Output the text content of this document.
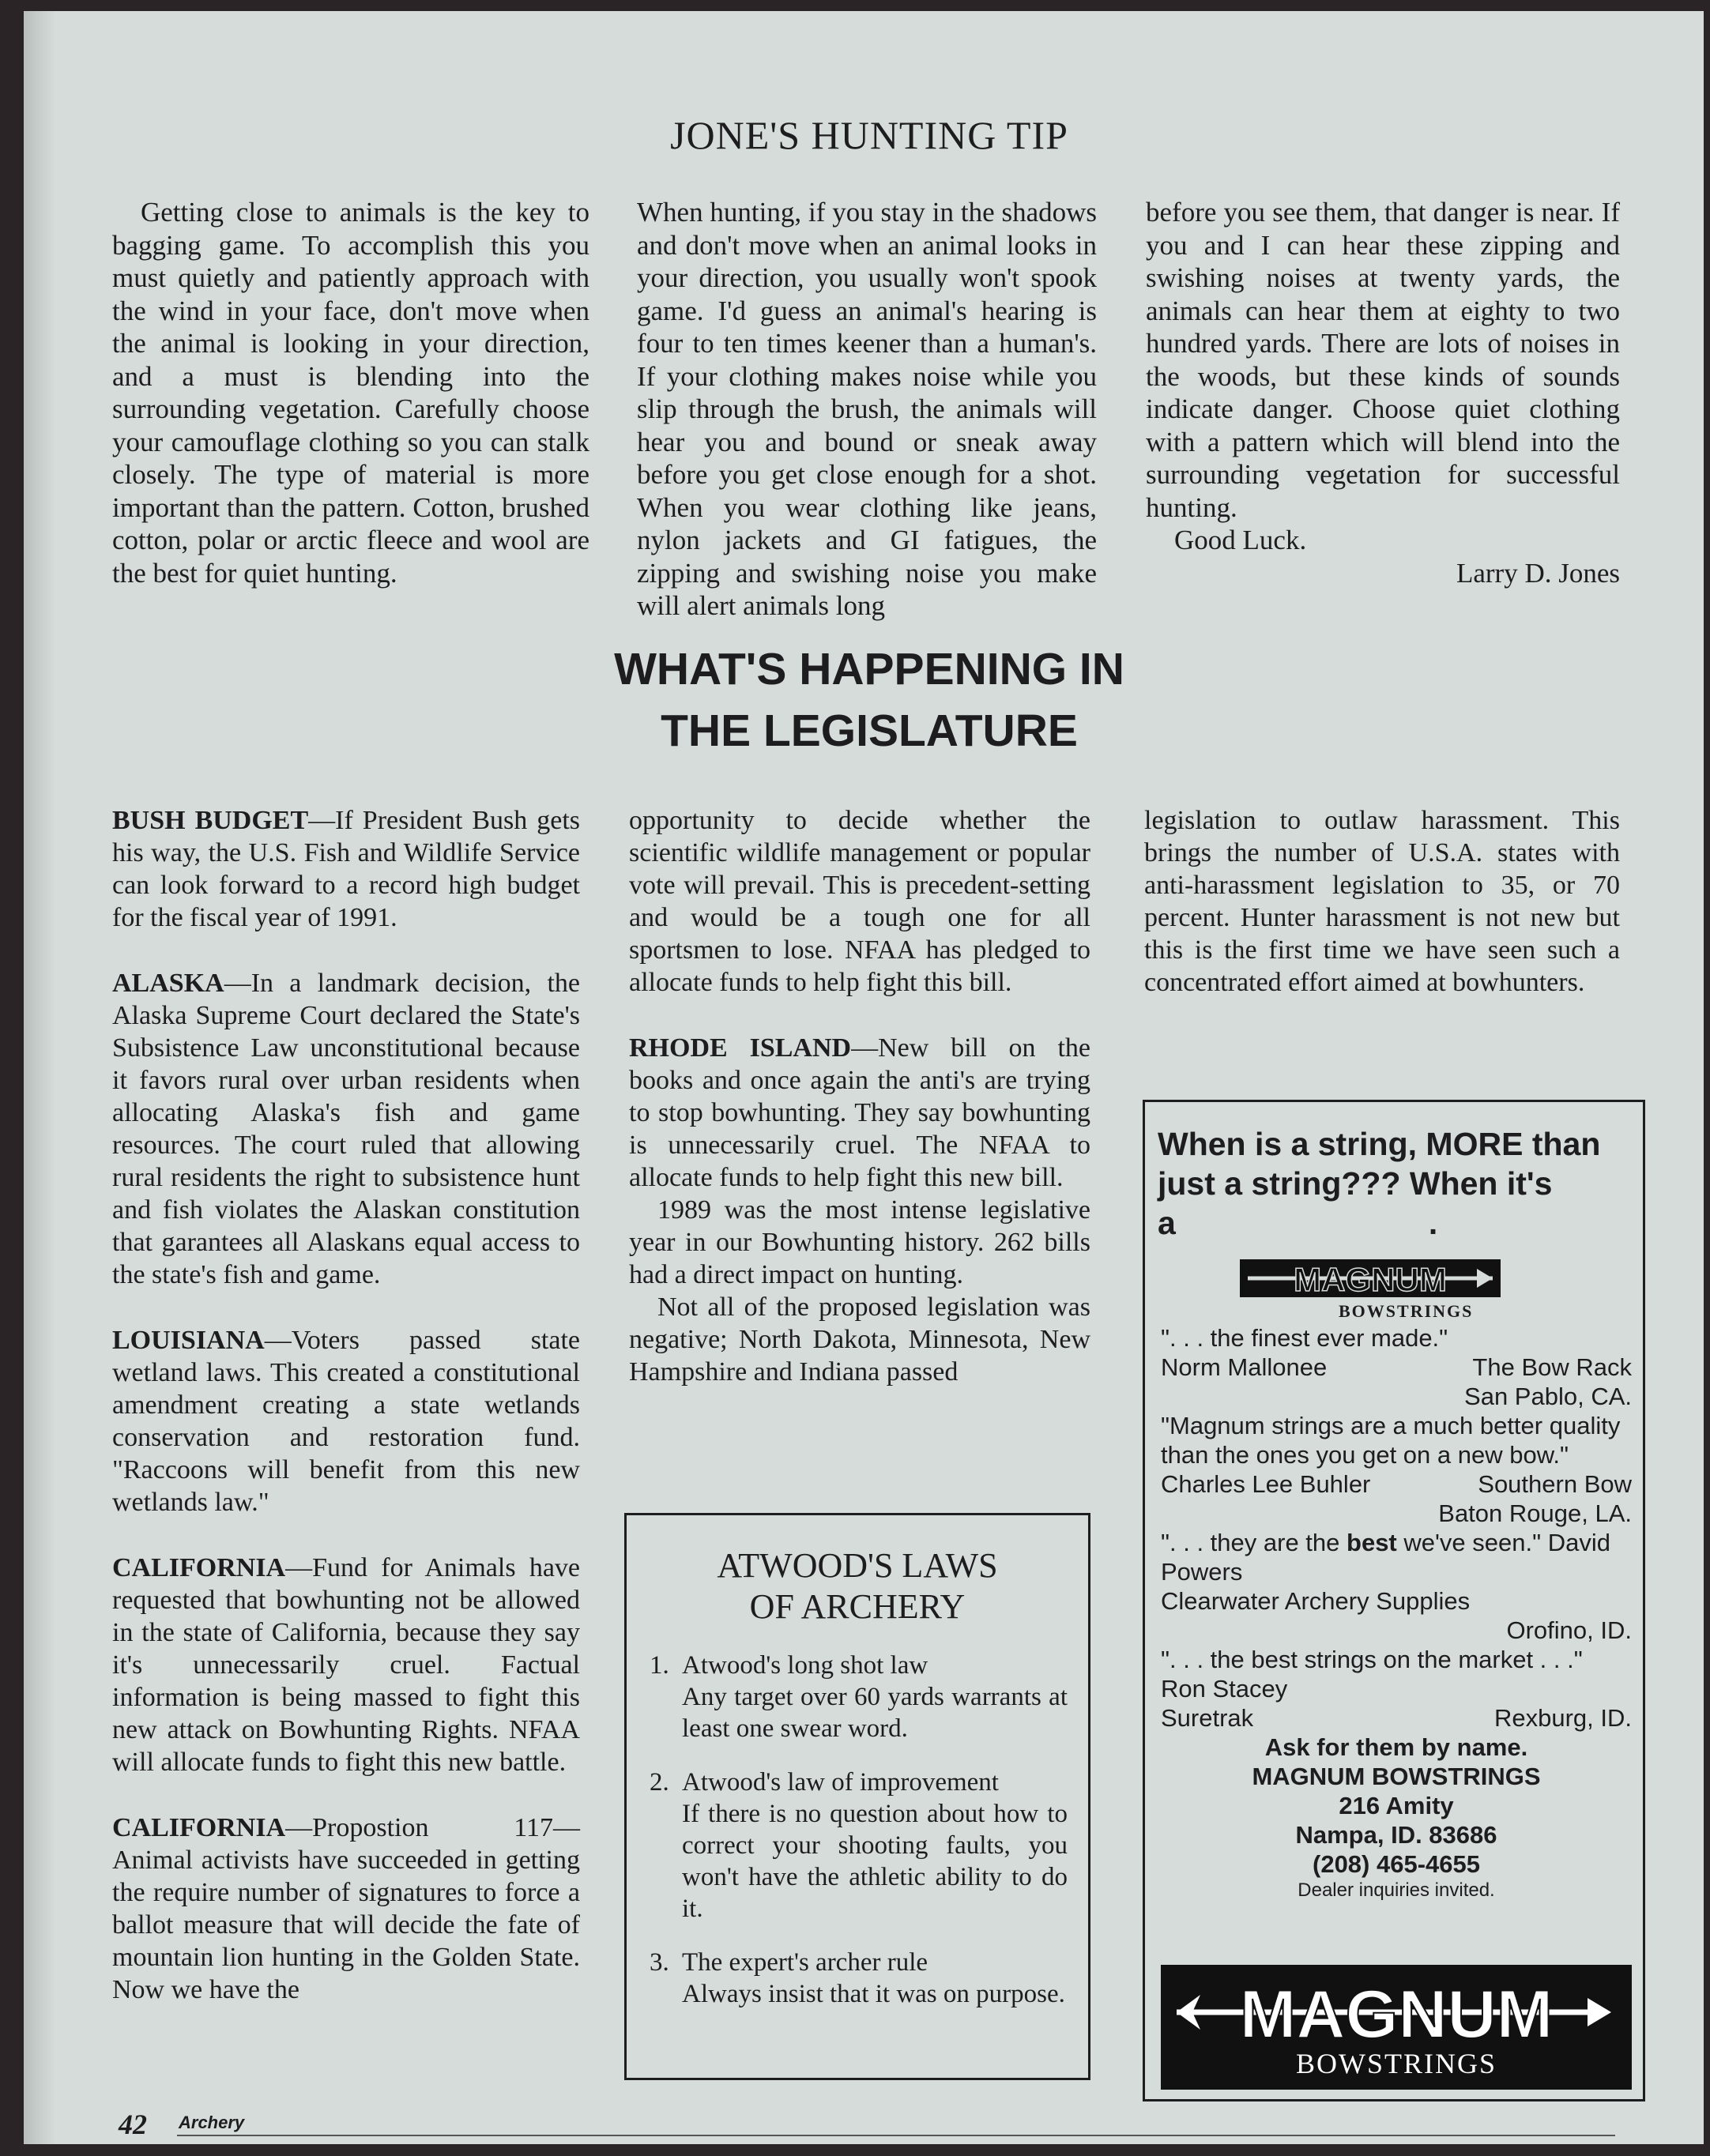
JONE'S HUNTING TIP

Getting close to animals is the key to bagging game. To accomplish this you must quietly and patiently approach with the wind in your face, don't move when the animal is looking in your direction, and a must is blending into the surrounding vegetation. Carefully choose your camouflage clothing so you can stalk closely. The type of material is more important than the pattern. Cotton, brushed cotton, polar or arctic fleece and wool are the best for quiet hunting.

When hunting, if you stay in the shadows and don't move when an animal looks in your direction, you usually won't spook game. I'd guess an animal's hearing is four to ten times keener than a human's. If your clothing makes noise while you slip through the brush, the animals will hear you and bound or sneak away before you get close enough for a shot. When you wear clothing like jeans, nylon jackets and GI fatigues, the zipping and swishing noise you make will alert animals long

before you see them, that danger is near. If you and I can hear these zipping and swishing noises at twenty yards, the animals can hear them at eighty to two hundred yards. There are lots of noises in the woods, but these kinds of sounds indicate danger. Choose quiet clothing with a pattern which will blend into the surrounding vegetation for successful hunting.

Good Luck.

Larry D. Jones

WHAT'S HAPPENING IN
THE LEGISLATURE

BUSH BUDGET—If President Bush gets his way, the U.S. Fish and Wildlife Service can look forward to a record high budget for the fiscal year of 1991.

ALASKA—In a landmark decision, the Alaska Supreme Court declared the State's Subsistence Law unconstitutional because it favors rural over urban residents when allocating Alaska's fish and game resources. The court ruled that allowing rural residents the right to subsistence hunt and fish violates the Alaskan constitution that garantees all Alaskans equal access to the state's fish and game.

LOUISIANA—Voters passed state wetland laws. This created a constitutional amendment creating a state wetlands conservation and restoration fund. "Raccoons will benefit from this new wetlands law."

CALIFORNIA—Fund for Animals have requested that bowhunting not be allowed in the state of California, because they say it's unnecessarily cruel. Factual information is being massed to fight this new attack on Bowhunting Rights. NFAA will allocate funds to fight this new battle.

CALIFORNIA—Propostion 117—Animal activists have succeeded in getting the require number of signatures to force a ballot measure that will decide the fate of mountain lion hunting in the Golden State. Now we have the

opportunity to decide whether the scientific wildlife management or popular vote will prevail. This is precedent-setting and would be a tough one for all sportsmen to lose. NFAA has pledged to allocate funds to help fight this bill.

RHODE ISLAND—New bill on the books and once again the anti's are trying to stop bowhunting. They say bowhunting is unnecessarily cruel. The NFAA to allocate funds to help fight this new bill.

1989 was the most intense legislative year in our Bowhunting history. 262 bills had a direct impact on hunting.

Not all of the proposed legislation was negative; North Dakota, Minnesota, New Hampshire and Indiana passed

legislation to outlaw harassment. This brings the number of U.S.A. states with anti-harassment legislation to 35, or 70 percent. Hunter harassment is not new but this is the first time we have seen such a concentrated effort aimed at bowhunters.

ATWOOD'S LAWS
OF ARCHERY
1. Atwood's long shot law
Any target over 60 yards warrants at least one swear word.
2. Atwood's law of improvement
If there is no question about how to correct your shooting faults, you won't have the athletic ability to do it.
3. The expert's archer rule
Always insist that it was on purpose.
When is a string, MORE than just a string??? When it's a	.
MAGNUM
BOWSTRINGS
". . . the finest ever made."
Norm Mallonee	The Bow Rack
San Pablo, CA.
"Magnum strings are a much better quality than the ones you get on a new bow."
Charles Lee Buhler	Southern Bow
Baton Rouge, LA.
". . . they are the best we've seen." David Powers
Clearwater Archery Supplies
Orofino, ID.
". . . the best strings on the market . . ." Ron Stacey
Suretrak	Rexburg, ID.
Ask for them by name.
MAGNUM BOWSTRINGS
216 Amity
Nampa, ID. 83686
(208) 465-4655
Dealer inquiries invited.
MAGNUM
BOWSTRINGS
42 Archery
